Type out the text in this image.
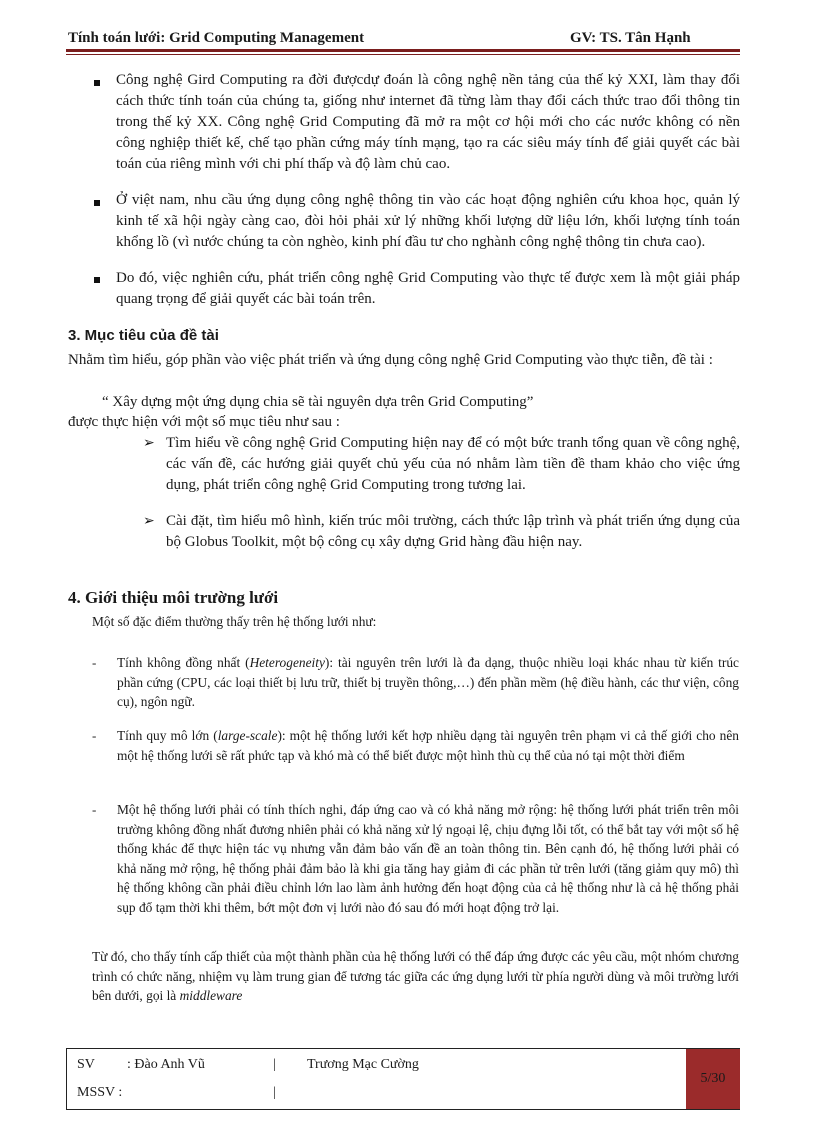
Tính toán lưới: Grid Computing Management	GV: TS. Tân Hạnh

Công nghệ Gird Computing ra đời đượcdự đoán là công nghệ nền tảng của thế kỷ XXI, làm thay đổi cách thức tính toán của chúng ta, giống như internet đã từng làm thay đổi cách thức trao đổi thông tin trong thế kỷ XX. Công nghệ Grid Computing đã mở ra một cơ hội mới cho các nước không có nền công nghiệp thiết kế, chế tạo phần cứng máy tính mạng, tạo ra các siêu máy tính để giải quyết các bài toán của riêng mình với chi phí thấp và độ làm chủ cao.

Ở việt nam, nhu cầu ứng dụng công nghệ thông tin vào các hoạt động nghiên cứu khoa học, quản lý kinh tế xã hội ngày càng cao, đòi hỏi phải xử lý những khối lượng dữ liệu lớn, khối lượng tính toán khổng lồ (vì nước chúng ta còn nghèo, kinh phí đầu tư cho nghành công nghệ thông tin chưa cao).

Do đó, việc nghiên cứu, phát triển công nghệ Grid Computing vào thực tế được xem là một giải pháp quang trọng để giải quyết các bài toán trên.

3. Mục tiêu của đề tài

Nhằm tìm hiểu, góp phần vào việc phát triển và ứng dụng công nghệ Grid Computing vào thực tiễn, đề tài :

“ Xây dựng một ứng dụng chia sẽ tài nguyên dựa trên Grid Computing”
được thực hiện với một số mục tiêu như sau :
➢ Tìm hiểu về công nghệ Grid Computing hiện nay để có một bức tranh tổng quan về công nghệ, các vấn đề, các hướng giải quyết chủ yếu của nó nhằm làm tiền đề tham khảo cho việc ứng dụng, phát triển công nghệ Grid Computing trong tương lai.

➢ Cài đặt, tìm hiểu mô hình, kiến trúc môi trường, cách thức lập trình và phát triển ứng dụng của bộ Globus Toolkit, một bộ công cụ xây dựng Grid hàng đầu hiện nay.

4. Giới thiệu môi trường lưới
Một số đặc điểm thường thấy trên hệ thống lưới như:
- Tính không đồng nhất (Heterogeneity): tài nguyên trên lưới là đa dạng, thuộc nhiều loại khác nhau từ kiến trúc phần cứng (CPU, các loại thiết bị lưu trữ, thiết bị truyền thông,…) đến phần mềm (hệ điều hành, các thư viện, công cụ), ngôn ngữ.

- Tính quy mô lớn (large-scale): một hệ thống lưới kết hợp nhiều dạng tài nguyên trên phạm vi cả thế giới cho nên một hệ thống lưới sẽ rất phức tạp và khó mà có thể biết được một hình thù cụ thể của nó tại một thời điểm

- Một hệ thống lưới phải có tính thích nghi, đáp ứng cao và có khả năng mở rộng: hệ thống lưới phát triển trên môi trường không đồng nhất đương nhiên phải có khả năng xử lý ngoại lệ, chịu đựng lỗi tốt, có thể bắt tay với một số hệ thống khác để thực hiện tác vụ nhưng vẫn đảm bảo vấn đề an toàn thông tin. Bên cạnh đó, hệ thống lưới phải có khả năng mở rộng, hệ thống phải đảm bảo là khi gia tăng hay giảm đi các phần tử trên lưới (tăng giảm quy mô) thì hệ thống không cần phải điều chỉnh lớn lao làm ảnh hưởng đến hoạt động của cả hệ thống như là cả hệ thống phải sụp đổ tạm thời khi thêm, bớt một đơn vị lưới nào đó sau đó mới hoạt động trở lại.

Từ đó, cho thấy tính cấp thiết của một thành phần của hệ thống lưới có thể đáp ứng được các yêu cầu, một nhóm chương trình có chức năng, nhiệm vụ làm trung gian để tương tác giữa các ứng dụng lưới từ phía người dùng và môi trường lưới bên dưới, gọi là middleware

SV : Đào Anh Vũ	| Trương Mạc Cường
MSSV :	|
5/30
